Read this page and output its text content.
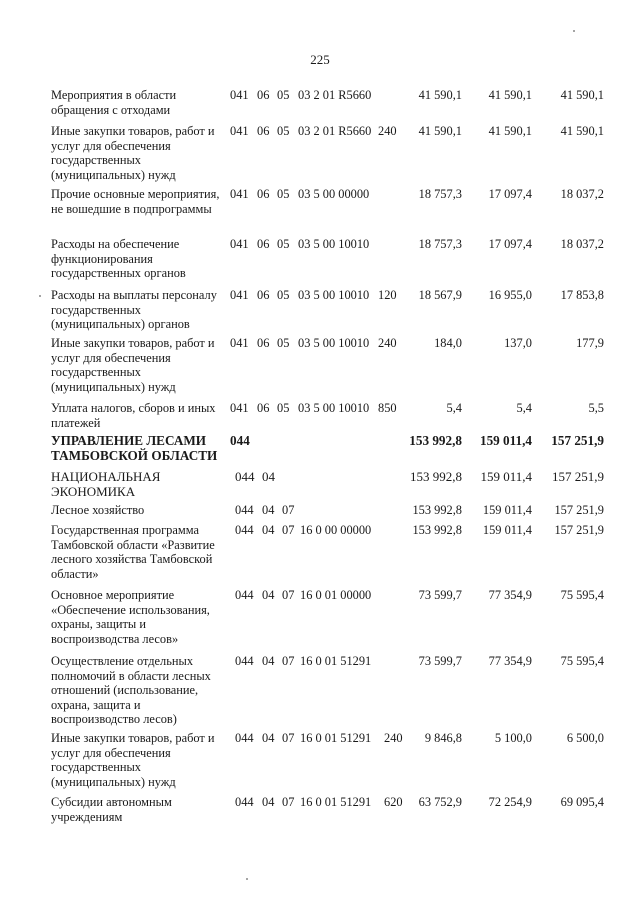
225
Мероприятия в области обращения с отходами
041 06 05 03 2 01 R5660	41 590,1	41 590,1	41 590,1
Иные закупки товаров, работ и услуг для обеспечения государственных (муниципальных) нужд
041 06 05 03 2 01 R5660 240	41 590,1	41 590,1	41 590,1
Прочие основные мероприятия, не вошедшие в подпрограммы
041 06 05 03 5 00 00000	18 757,3	17 097,4	18 037,2
Расходы на обеспечение функционирования государственных органов
041 06 05 03 5 00 10010	18 757,3	17 097,4	18 037,2
Расходы на выплаты персоналу государственных (муниципальных) органов
041 06 05 03 5 00 10010 120	18 567,9	16 955,0	17 853,8
Иные закупки товаров, работ и услуг для обеспечения государственных (муниципальных) нужд
041 06 05 03 5 00 10010 240	184,0	137,0	177,9
Уплата налогов, сборов и иных платежей
041 06 05 03 5 00 10010 850	5,4	5,4	5,5
УПРАВЛЕНИЕ ЛЕСАМИ ТАМБОВСКОЙ ОБЛАСТИ
044	153 992,8	159 011,4	157 251,9
НАЦИОНАЛЬНАЯ ЭКОНОМИКА
044 04	153 992,8	159 011,4	157 251,9
Лесное хозяйство	044 04 07	153 992,8	159 011,4	157 251,9
Государственная программа Тамбовской области «Развитие лесного хозяйства Тамбовской области»
044 04 07 16 0 00 00000	153 992,8	159 011,4	157 251,9
Основное мероприятие «Обеспечение использования, охраны, защиты и воспроизводства лесов»
044 04 07 16 0 01 00000	73 599,7	77 354,9	75 595,4
Осуществление отдельных полномочий в области лесных отношений (использование, охрана, защита и воспроизводство лесов)
044 04 07 16 0 01 51291	73 599,7	77 354,9	75 595,4
Иные закупки товаров, работ и услуг для обеспечения государственных (муниципальных) нужд
044 04 07 16 0 01 51291 240	9 846,8	5 100,0	6 500,0
Субсидии автономным учреждениям
044 04 07 16 0 01 51291 620	63 752,9	72 254,9	69 095,4
